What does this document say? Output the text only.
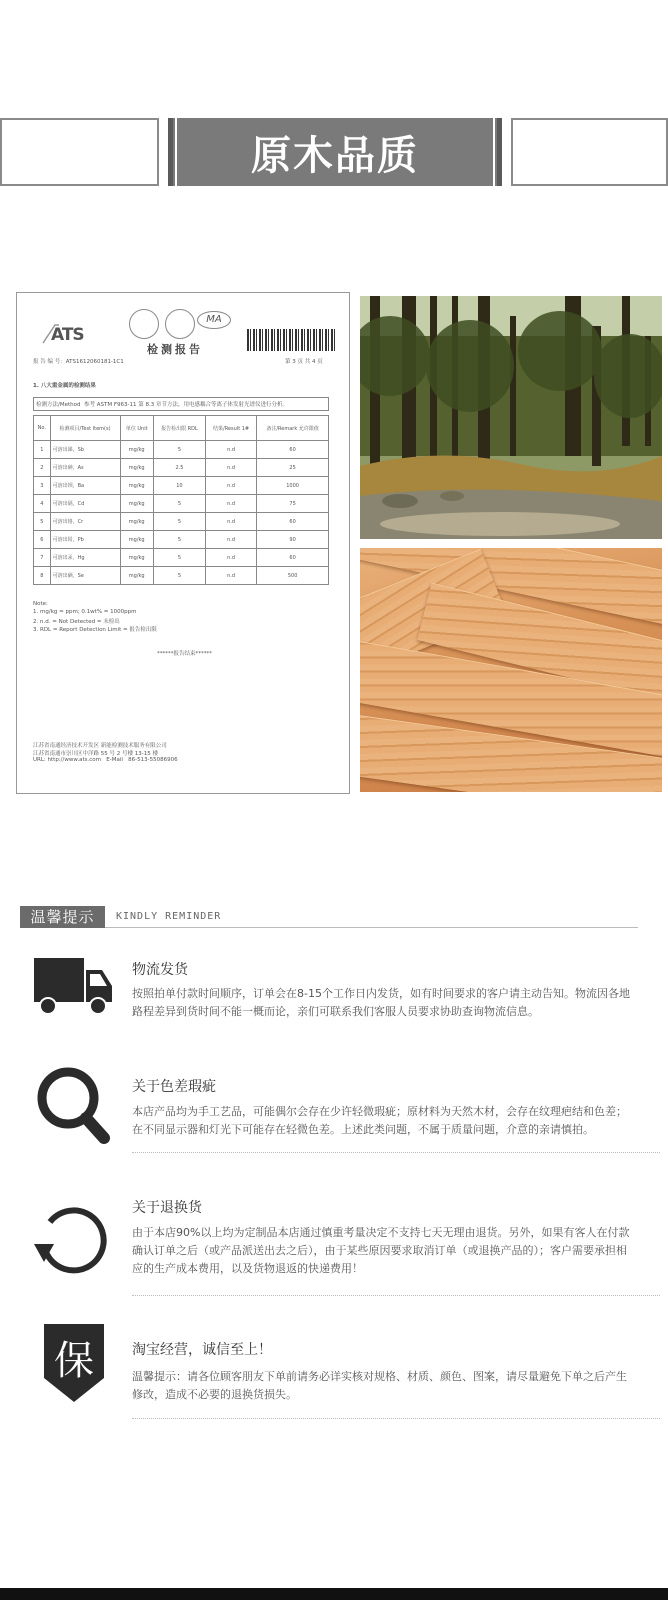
原木品质
ATS
MA
检测报告
报 告 编 号：ATS1612060181-1C1	第 3 页 共 4 页
1. 八大重金属的检测结果
检测方法/Method 参考 ASTM F963-11 第 8.3 章节方法，用电感耦合等离子体发射光谱仪进行分析。
No.	检测项目/Test Item(s)	单位 Unit	报告检出限 RDL	结果/Result 1#	备注/Remark 允许限值
1	可溶出锑，Sb	mg/kg	5	n.d	60
2	可溶出砷，As	mg/kg	2.5	n.d	25
3	可溶出钡，Ba	mg/kg	10	n.d	1000
4	可溶出镉，Cd	mg/kg	5	n.d	75
5	可溶出铬，Cr	mg/kg	5	n.d	60
6	可溶出铅，Pb	mg/kg	5	n.d	90
7	可溶出汞，Hg	mg/kg	5	n.d	60
8	可溶出硒，Se	mg/kg	5	n.d	500
Note:
1. mg/kg = ppm; 0.1wt% = 1000ppm
2. n.d. = Not Detected = 未检出
3. RDL = Report Detection Limit = 报告检出限
******报告结束******
江苏省南通经济技术开发区 新能检测技术服务有限公司
江苏省南通市崇川区中洋路 55 号 2 号楼 13-15 楼
URL: http://www.ats.com E-Mail 86-513-55086906
温馨提示	KINDLY REMINDER
物流发货
按照拍单付款时间顺序，订单会在8-15个工作日内发货，如有时间要求的客户请主动告知。物流因各地路程差异到货时间不能一概而论，亲们可联系我们客服人员要求协助查询物流信息。
关于色差瑕疵
本店产品均为手工艺品，可能偶尔会存在少许轻微瑕疵；原材料为天然木材，会存在纹理疤结和色差；在不同显示器和灯光下可能存在轻微色差。上述此类问题，不属于质量问题，介意的亲请慎拍。
关于退换货
由于本店90%以上均为定制品本店通过慎重考量决定不支持七天无理由退货。另外，如果有客人在付款确认订单之后（或产品派送出去之后），由于某些原因要求取消订单（或退换产品的）；客户需要承担相应的生产成本费用，以及货物退返的快递费用！
保	淘宝经营，诚信至上！
温馨提示：请各位顾客朋友下单前请务必详实核对规格、材质、颜色、图案，请尽量避免下单之后产生修改，造成不必要的退换货损失。
